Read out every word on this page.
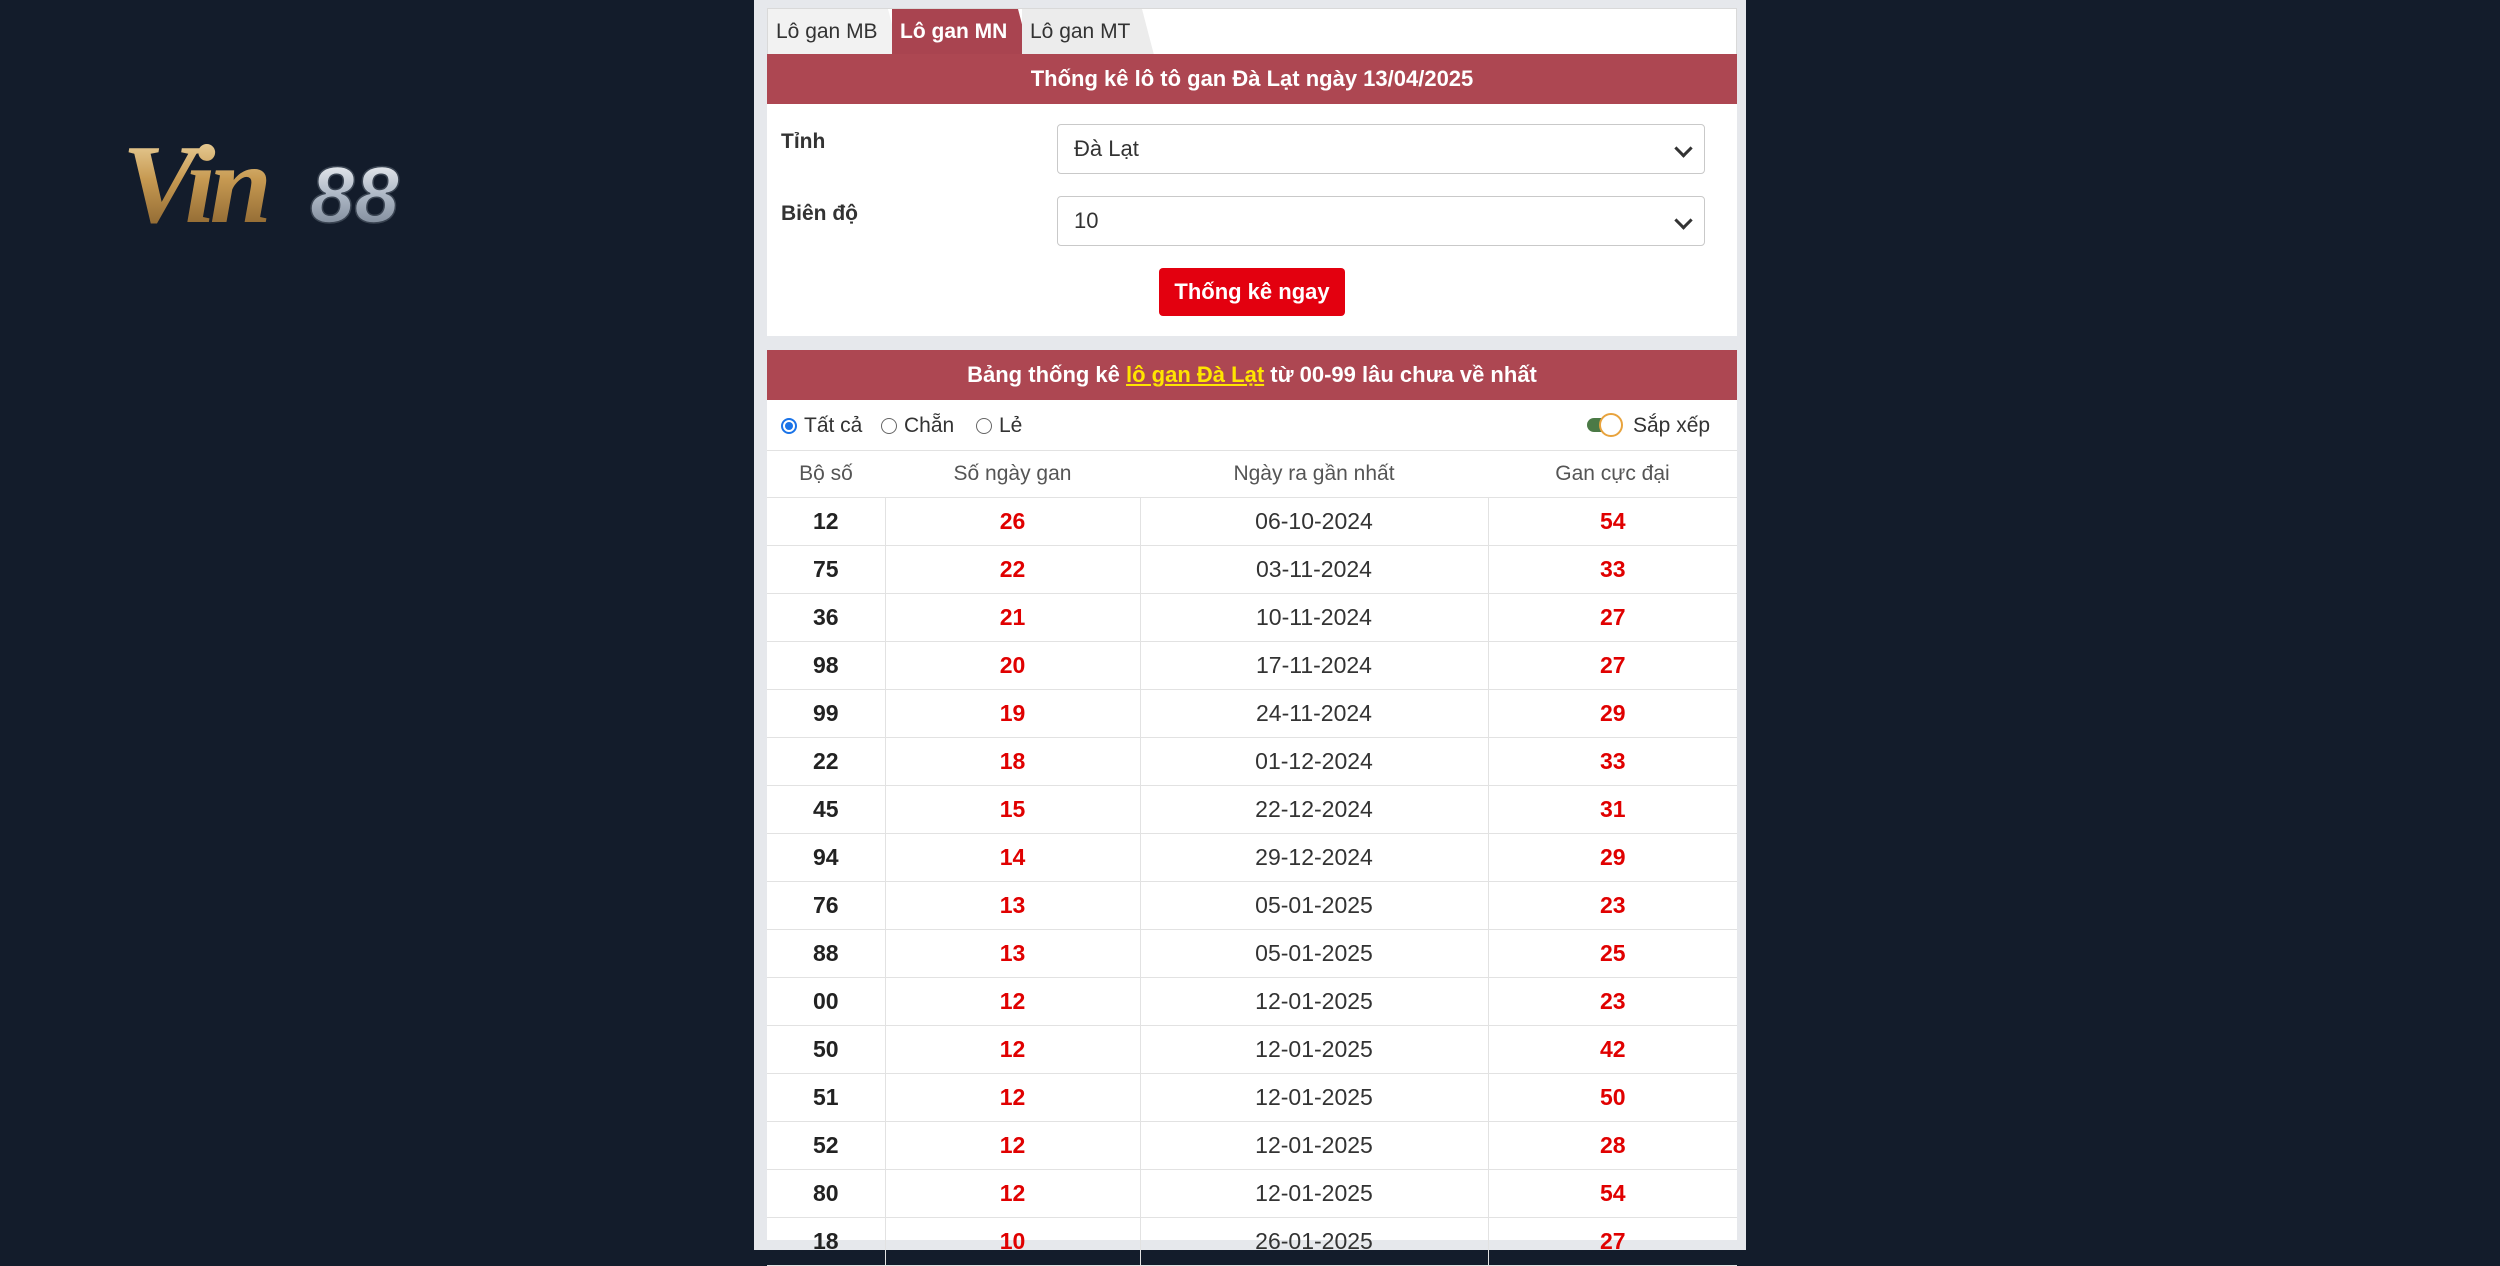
Vin 88
Lô gan MB	Lô gan MN	Lô gan MT
Thống kê lô tô gan Đà Lạt ngày 13/04/2025
Tỉnh	Đà Lạt
Biên độ	10
Thống kê ngay
Bảng thống kê lô gan Đà Lạt từ 00-99 lâu chưa về nhất
Tất cả Chẵn Lẻ	Sắp xếp
Bộ số	Số ngày gan	Ngày ra gần nhất	Gan cực đại
12	26	06-10-2024	54
75	22	03-11-2024	33
36	21	10-11-2024	27
98	20	17-11-2024	27
99	19	24-11-2024	29
22	18	01-12-2024	33
45	15	22-12-2024	31
94	14	29-12-2024	29
76	13	05-01-2025	23
88	13	05-01-2025	25
00	12	12-01-2025	23
50	12	12-01-2025	42
51	12	12-01-2025	50
52	12	12-01-2025	28
80	12	12-01-2025	54
18	10	26-01-2025	27
